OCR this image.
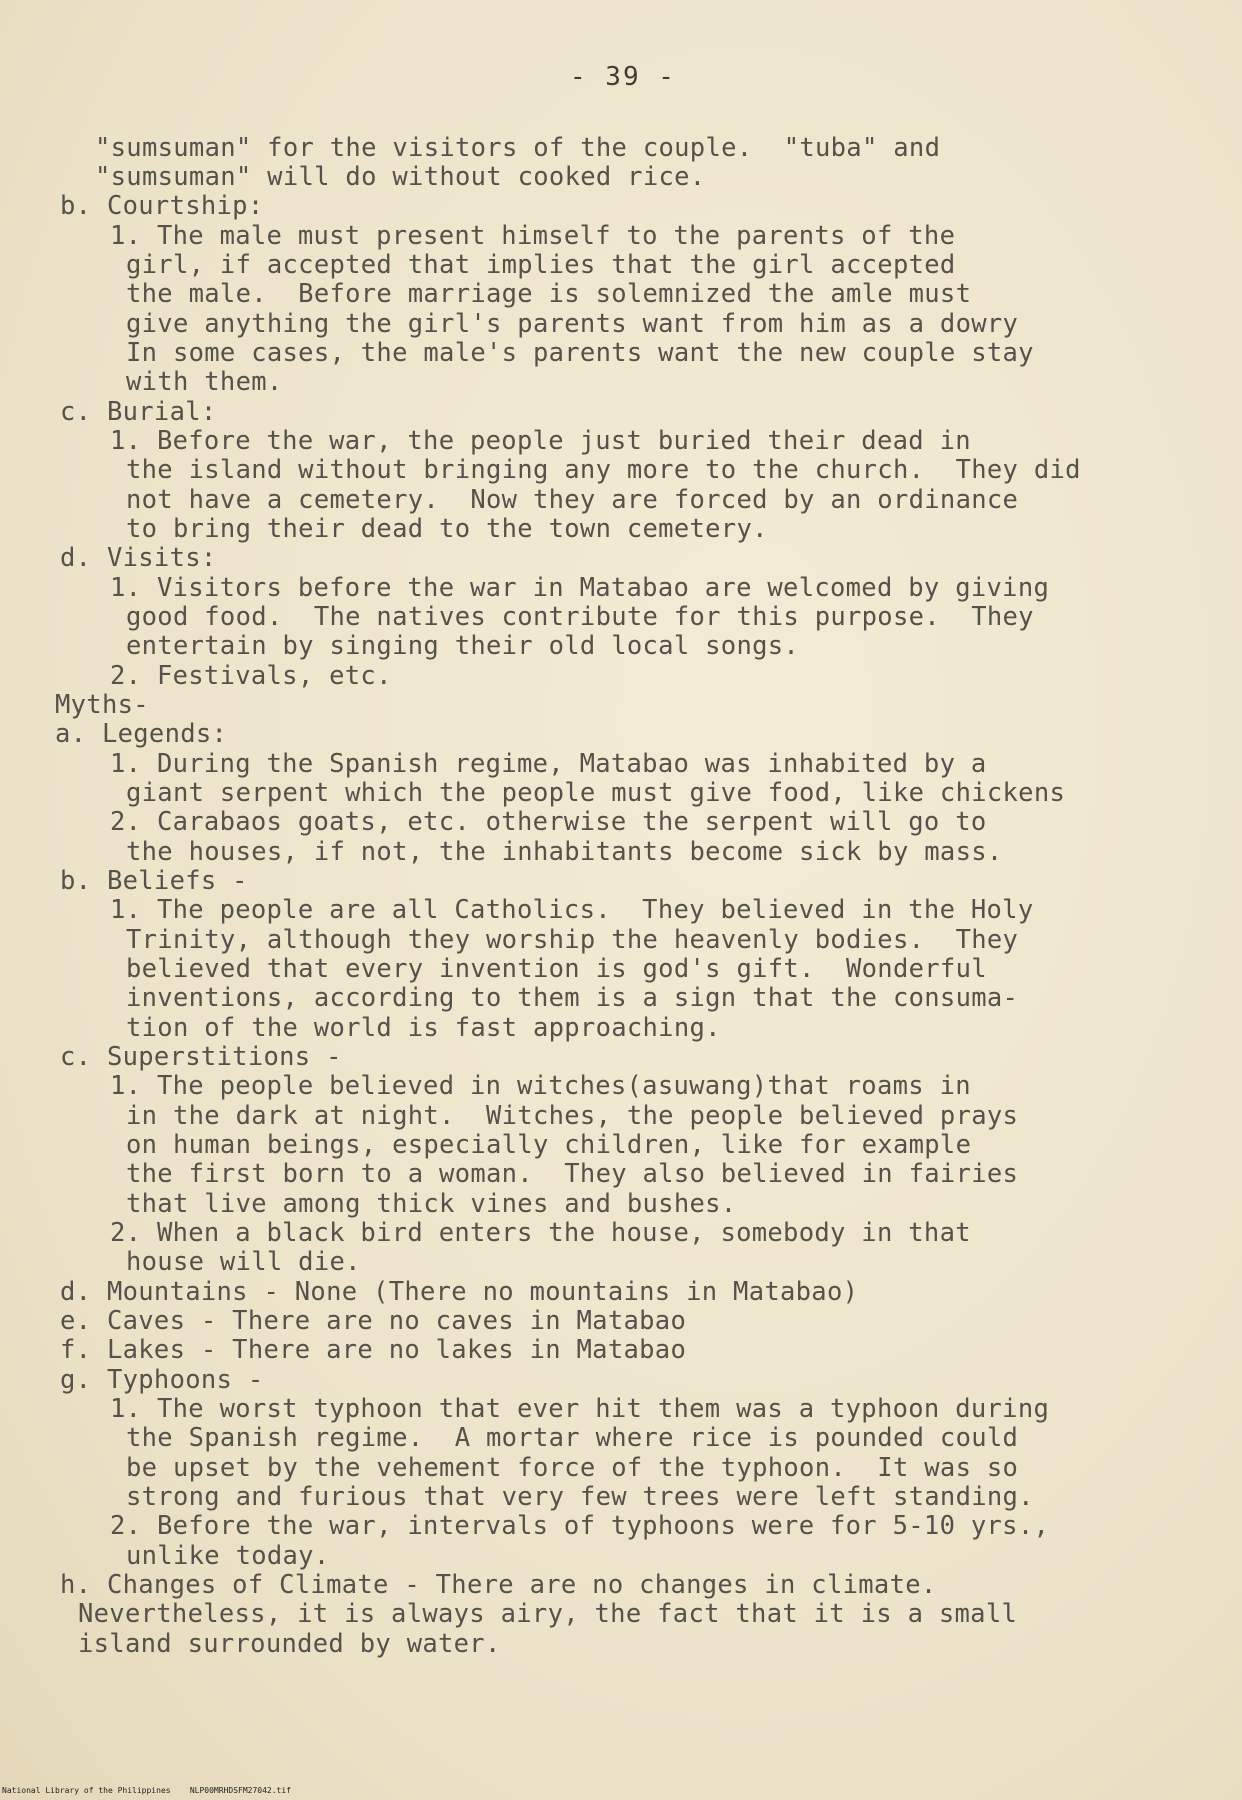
- 39 -
"sumsuman" for the visitors of the couple.  "tuba" and
"sumsuman" will do without cooked rice.
b. Courtship:
1. The male must present himself to the parents of the
girl, if accepted that implies that the girl accepted
the male.  Before marriage is solemnized the amle must
give anything the girl's parents want from him as a dowry
In some cases, the male's parents want the new couple stay
with them.
c. Burial:
1. Before the war, the people just buried their dead in
the island without bringing any more to the church.  They did
not have a cemetery.  Now they are forced by an ordinance
to bring their dead to the town cemetery.
d. Visits:
1. Visitors before the war in Matabao are welcomed by giving
good food.  The natives contribute for this purpose.  They
entertain by singing their old local songs.
2. Festivals, etc.
Myths-
a. Legends:
1. During the Spanish regime, Matabao was inhabited by a
giant serpent which the people must give food, like chickens
2. Carabaos goats, etc. otherwise the serpent will go to
the houses, if not, the inhabitants become sick by mass.
b. Beliefs -
1. The people are all Catholics.  They believed in the Holy
Trinity, although they worship the heavenly bodies.  They
believed that every invention is god's gift.  Wonderful
inventions, according to them is a sign that the consuma-
tion of the world is fast approaching.
c. Superstitions -
1. The people believed in witches(asuwang)that roams in
in the dark at night.  Witches, the people believed prays
on human beings, especially children, like for example
the first born to a woman.  They also believed in fairies
that live among thick vines and bushes.
2. When a black bird enters the house, somebody in that
house will die.
d. Mountains - None (There no mountains in Matabao)
e. Caves - There are no caves in Matabao
f. Lakes - There are no lakes in Matabao
g. Typhoons -
1. The worst typhoon that ever hit them was a typhoon during
the Spanish regime.  A mortar where rice is pounded could
be upset by the vehement force of the typhoon.  It was so
strong and furious that very few trees were left standing.
2. Before the war, intervals of typhoons were for 5-10 yrs.,
unlike today.
h. Changes of Climate - There are no changes in climate.
Nevertheless, it is always airy, the fact that it is a small
island surrounded by water.
National Library of the Philippines    NLP00MRHDSFM27042.tif
